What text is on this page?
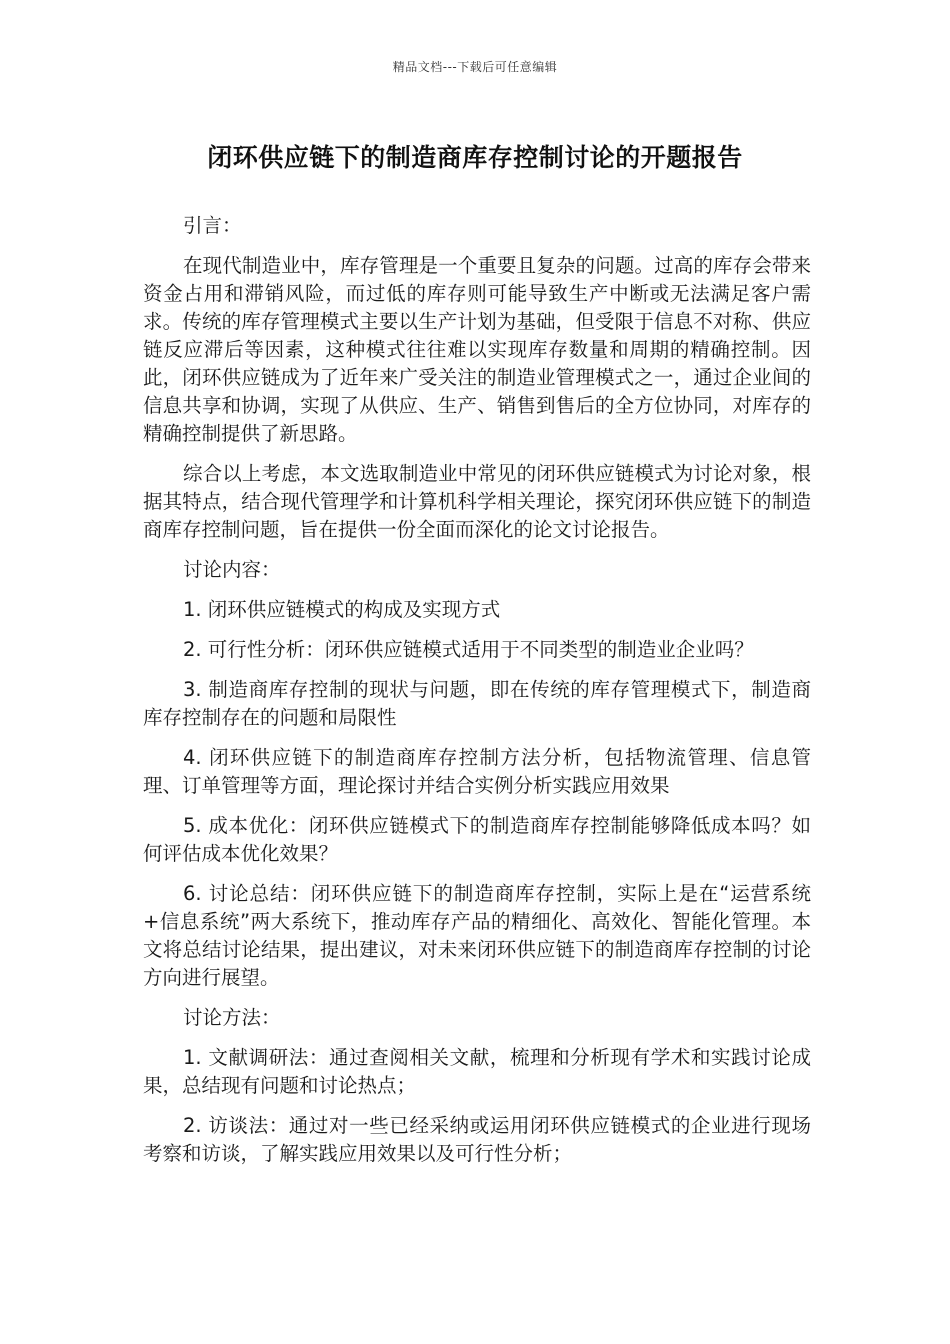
精品文档---下载后可任意编辑
闭环供应链下的制造商库存控制讨论的开题报告

引言：

在现代制造业中，库存管理是一个重要且复杂的问题。过高的库存会带来资金占用和滞销风险，而过低的库存则可能导致生产中断或无法满足客户需求。传统的库存管理模式主要以生产计划为基础，但受限于信息不对称、供应链反应滞后等因素，这种模式往往难以实现库存数量和周期的精确控制。因此，闭环供应链成为了近年来广受关注的制造业管理模式之一，通过企业间的信息共享和协调，实现了从供应、生产、销售到售后的全方位协同，对库存的精确控制提供了新思路。

综合以上考虑，本文选取制造业中常见的闭环供应链模式为讨论对象，根据其特点，结合现代管理学和计算机科学相关理论，探究闭环供应链下的制造商库存控制问题，旨在提供一份全面而深化的论文讨论报告。

讨论内容：

1. 闭环供应链模式的构成及实现方式

2. 可行性分析：闭环供应链模式适用于不同类型的制造业企业吗？

3. 制造商库存控制的现状与问题，即在传统的库存管理模式下，制造商库存控制存在的问题和局限性

4. 闭环供应链下的制造商库存控制方法分析，包括物流管理、信息管理、订单管理等方面，理论探讨并结合实例分析实践应用效果

5. 成本优化：闭环供应链模式下的制造商库存控制能够降低成本吗？如何评估成本优化效果？

6. 讨论总结：闭环供应链下的制造商库存控制，实际上是在“运营系统+信息系统”两大系统下，推动库存产品的精细化、高效化、智能化管理。本文将总结讨论结果，提出建议，对未来闭环供应链下的制造商库存控制的讨论方向进行展望。

讨论方法：

1. 文献调研法：通过查阅相关文献，梳理和分析现有学术和实践讨论成果，总结现有问题和讨论热点；

2. 访谈法：通过对一些已经采纳或运用闭环供应链模式的企业进行现场考察和访谈，了解实践应用效果以及可行性分析；
